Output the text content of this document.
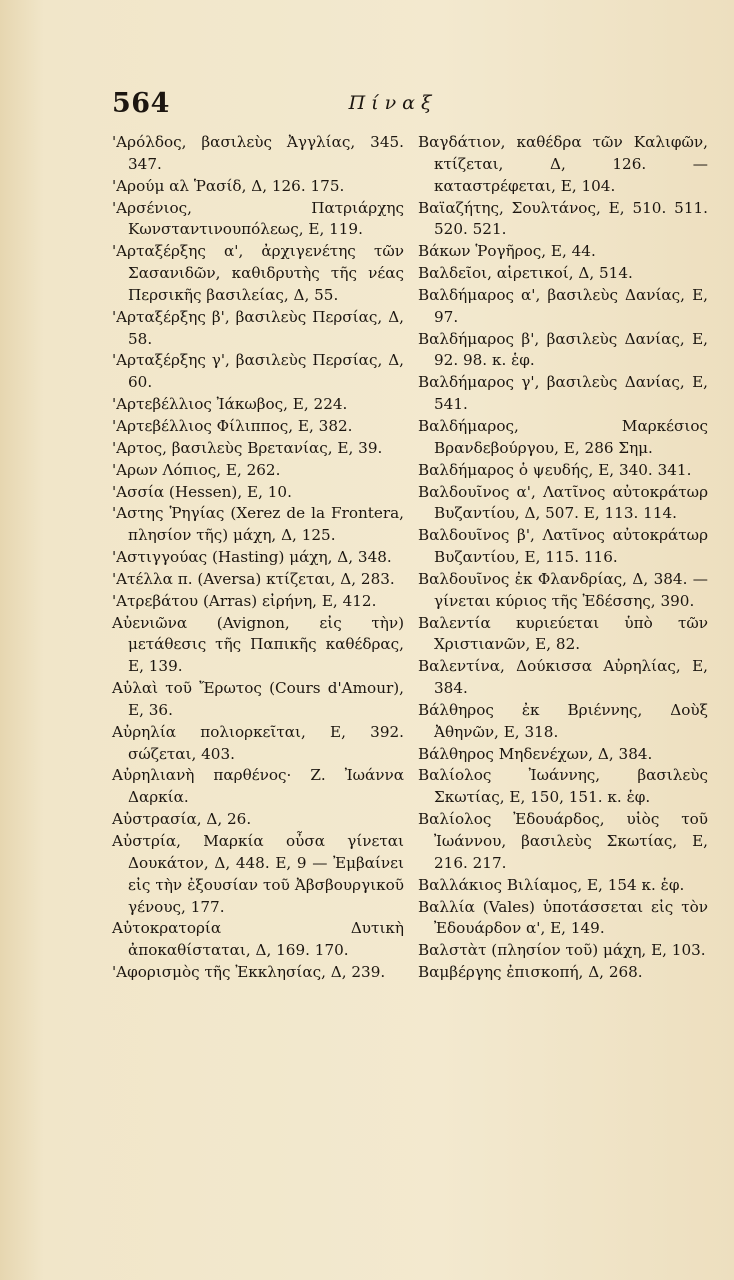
564	Πίναξ
'Αρόλδος, βασιλεὺς Ἀγγλίας, 345. 347.
'Αρούμ αλ Ῥασίδ, Δ, 126. 175.
'Αρσένιος, Πατριάρχης Κωνσταντινουπόλεως, Ε, 119.
'Αρταξέρξης α', ἀρχιγενέτης τῶν Σασανιδῶν, καθιδρυτὴς τῆς νέας Περσικῆς βασιλείας, Δ, 55.
'Αρταξέρξης β', βασιλεὺς Περσίας, Δ, 58.
'Αρταξέρξης γ', βασιλεὺς Περσίας, Δ, 60.
'Αρτεβέλλιος Ἰάκωβος, Ε, 224.
'Αρτεβέλλιος Φίλιππος, Ε, 382.
'Αρτος, βασιλεὺς Βρετανίας, Ε, 39.
'Αρων Λόπιος, Ε, 262.
'Ασσία (Hessen), Ε, 10.
'Αστης Ῥηγίας (Xerez de la Frontera, πλησίον τῆς) μάχη, Δ, 125.
'Αστιγγούας (Hasting) μάχη, Δ, 348.
'Ατέλλα π. (Aversa) κτίζεται, Δ, 283.
'Ατρεβάτου (Arras) εἰρήνη, Ε, 412.
Αὐενιῶνα (Avignon, εἰς τὴν) μετάθεσις τῆς Παπικῆς καθέδρας, Ε, 139.
Αὐλαὶ τοῦ Ἔρωτος (Cours d'Amour), Ε, 36.
Αὐρηλία πολιορκεῖται, Ε, 392. σώζεται, 403.
Αὐρηλιανὴ παρθένος· Ζ. Ἰωάννα Δαρκία.
Αὐστρασία, Δ, 26.
Αὐστρία, Μαρκία οὖσα γίνεται Δουκάτον, Δ, 448. Ε, 9 — Ἐμβαίνει εἰς τὴν ἐξουσίαν τοῦ Ἀβσβουργικοῦ γένους, 177.
Αὐτοκρατορία Δυτικὴ ἀποκαθίσταται, Δ, 169. 170.
'Αφορισμὸς τῆς Ἐκκλησίας, Δ, 239.
Βαγδάτιον, καθέδρα τῶν Καλιφῶν, κτίζεται, Δ, 126. — καταστρέφεται, Ε, 104.
Βαϊαζήτης, Σουλτάνος, Ε, 510. 511. 520. 521.
Βάκων Ῥογῆρος, Ε, 44.
Βαλδεῖοι, αἱρετικοί, Δ, 514.
Βαλδήμαρος α', βασιλεὺς Δανίας, Ε, 97.
Βαλδήμαρος β', βασιλεὺς Δανίας, Ε, 92. 98. κ. ἑφ.
Βαλδήμαρος γ', βασιλεὺς Δανίας, Ε, 541.
Βαλδήμαρος, Μαρκέσιος Βρανδεβούργου, Ε, 286 Σημ.
Βαλδήμαρος ὁ ψευδής, Ε, 340. 341.
Βαλδουῖνος α', Λατῖνος αὐτοκράτωρ Βυζαντίου, Δ, 507. Ε, 113. 114.
Βαλδουῖνος β', Λατῖνος αὐτοκράτωρ Βυζαντίου, Ε, 115. 116.
Βαλδουῖνος ἐκ Φλανδρίας, Δ, 384. — γίνεται κύριος τῆς Ἐδέσσης, 390.
Βαλεντία κυριεύεται ὑπὸ τῶν Χριστιανῶν, Ε, 82.
Βαλεντίνα, Δούκισσα Αὐρηλίας, Ε, 384.
Βάλθηρος ἐκ Βριέννης, Δοὺξ Ἀθηνῶν, Ε, 318.
Βάλθηρος Μηδενέχων, Δ, 384.
Βαλίολος Ἰωάννης, βασιλεὺς Σκωτίας, Ε, 150, 151. κ. ἑφ.
Βαλίολος Ἐδουάρδος, υἱὸς τοῦ Ἰωάννου, βασιλεὺς Σκωτίας, Ε, 216. 217.
Βαλλάκιος Βιλίαμος, Ε, 154 κ. ἑφ.
Βαλλία (Vales) ὑποτάσσεται εἰς τὸν Ἐδουάρδον α', Ε, 149.
Βαλστὰτ (πλησίον τοῦ) μάχη, Ε, 103.
Βαμβέργης ἐπισκοπή, Δ, 268.
